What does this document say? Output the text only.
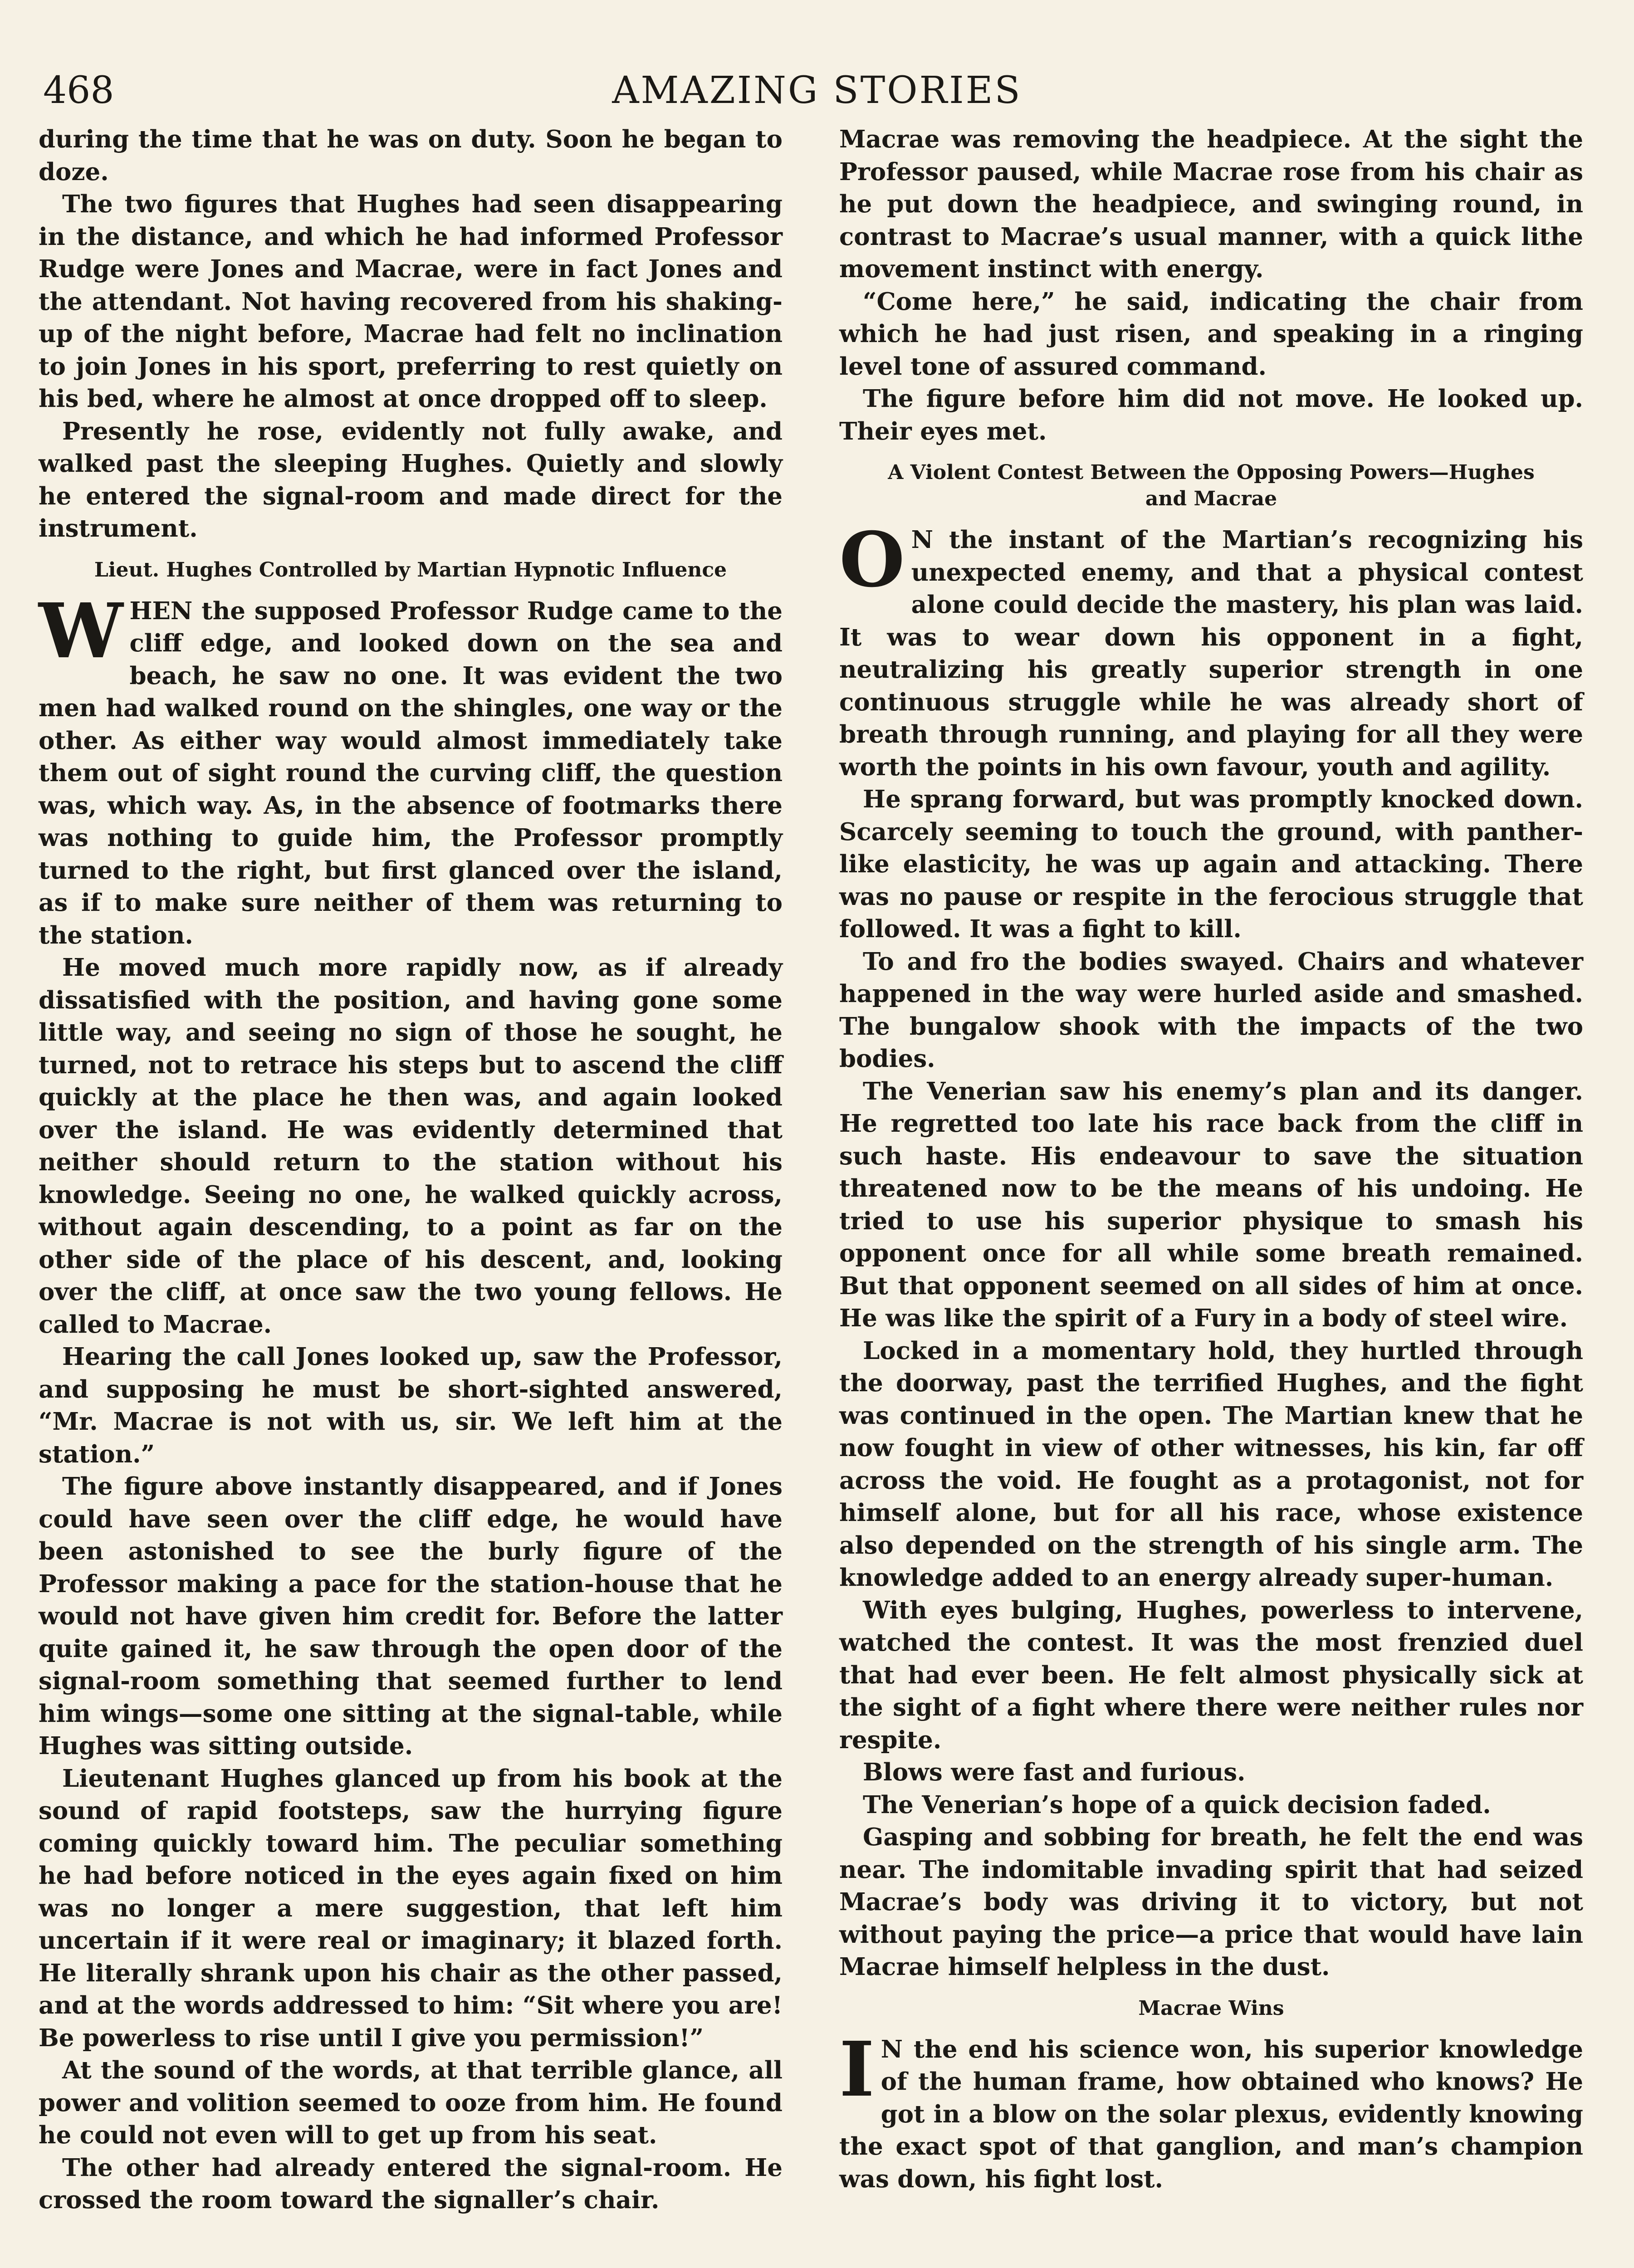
468	AMAZING STORIES

during the time that he was on duty. Soon he began to doze.

The two figures that Hughes had seen disappearing in the distance, and which he had informed Professor Rudge were Jones and Macrae, were in fact Jones and the attendant. Not having recovered from his shaking-up of the night before, Macrae had felt no inclination to join Jones in his sport, preferring to rest quietly on his bed, where he almost at once dropped off to sleep.

Presently he rose, evidently not fully awake, and walked past the sleeping Hughes. Quietly and slowly he entered the signal-room and made direct for the instrument.

Lieut. Hughes Controlled by Martian Hypnotic Influence

WHEN the supposed Professor Rudge came to the cliff edge, and looked down on the sea and beach, he saw no one. It was evident the two men had walked round on the shingles, one way or the other. As either way would almost immediately take them out of sight round the curving cliff, the question was, which way. As, in the absence of footmarks there was nothing to guide him, the Professor promptly turned to the right, but first glanced over the island, as if to make sure neither of them was returning to the station.

He moved much more rapidly now, as if already dissatisfied with the position, and having gone some little way, and seeing no sign of those he sought, he turned, not to retrace his steps but to ascend the cliff quickly at the place he then was, and again looked over the island. He was evidently determined that neither should return to the station without his knowledge. Seeing no one, he walked quickly across, without again descending, to a point as far on the other side of the place of his descent, and, looking over the cliff, at once saw the two young fellows. He called to Macrae.

Hearing the call Jones looked up, saw the Professor, and supposing he must be short-sighted answered, “Mr. Macrae is not with us, sir. We left him at the station.”

The figure above instantly disappeared, and if Jones could have seen over the cliff edge, he would have been astonished to see the burly figure of the Professor making a pace for the station-house that he would not have given him credit for. Before the latter quite gained it, he saw through the open door of the signal-room something that seemed further to lend him wings—some one sitting at the signal-table, while Hughes was sitting outside.

Lieutenant Hughes glanced up from his book at the sound of rapid footsteps, saw the hurrying figure coming quickly toward him. The peculiar something he had before noticed in the eyes again fixed on him was no longer a mere suggestion, that left him uncertain if it were real or imaginary; it blazed forth. He literally shrank upon his chair as the other passed, and at the words addressed to him: “Sit where you are! Be powerless to rise until I give you permission!”

At the sound of the words, at that terrible glance, all power and volition seemed to ooze from him. He found he could not even will to get up from his seat.

The other had already entered the signal-room. He crossed the room toward the signaller’s chair.

Macrae was removing the headpiece. At the sight the Professor paused, while Macrae rose from his chair as he put down the headpiece, and swinging round, in contrast to Macrae’s usual manner, with a quick lithe movement instinct with energy.

“Come here,” he said, indicating the chair from which he had just risen, and speaking in a ringing level tone of assured command.

The figure before him did not move. He looked up. Their eyes met.

A Violent Contest Between the Opposing Powers—Hughes and Macrae

O N the instant of the Martian’s recognizing his unexpected enemy, and that a physical contest alone could decide the mastery, his plan was laid. It was to wear down his opponent in a fight, neutralizing his greatly superior strength in one continuous struggle while he was already short of breath through running, and playing for all they were worth the points in his own favour, youth and agility.

He sprang forward, but was promptly knocked down. Scarcely seeming to touch the ground, with panther-like elasticity, he was up again and attacking. There was no pause or respite in the ferocious struggle that followed. It was a fight to kill.

To and fro the bodies swayed. Chairs and whatever happened in the way were hurled aside and smashed. The bungalow shook with the impacts of the two bodies.

The Venerian saw his enemy’s plan and its danger. He regretted too late his race back from the cliff in such haste. His endeavour to save the situation threatened now to be the means of his undoing. He tried to use his superior physique to smash his opponent once for all while some breath remained. But that opponent seemed on all sides of him at once. He was like the spirit of a Fury in a body of steel wire.

Locked in a momentary hold, they hurtled through the doorway, past the terrified Hughes, and the fight was continued in the open. The Martian knew that he now fought in view of other witnesses, his kin, far off across the void. He fought as a protagonist, not for himself alone, but for all his race, whose existence also depended on the strength of his single arm. The knowledge added to an energy already super-human.

With eyes bulging, Hughes, powerless to intervene, watched the contest. It was the most frenzied duel that had ever been. He felt almost physically sick at the sight of a fight where there were neither rules nor respite.

Blows were fast and furious.

The Venerian’s hope of a quick decision faded.

Gasping and sobbing for breath, he felt the end was near. The indomitable invading spirit that had seized Macrae’s body was driving it to victory, but not without paying the price—a price that would have lain Macrae himself helpless in the dust.

Macrae Wins

I N the end his science won, his superior knowledge of the human frame, how obtained who knows? He got in a blow on the solar plexus, evidently knowing the exact spot of that ganglion, and man’s champion was down, his fight lost.
